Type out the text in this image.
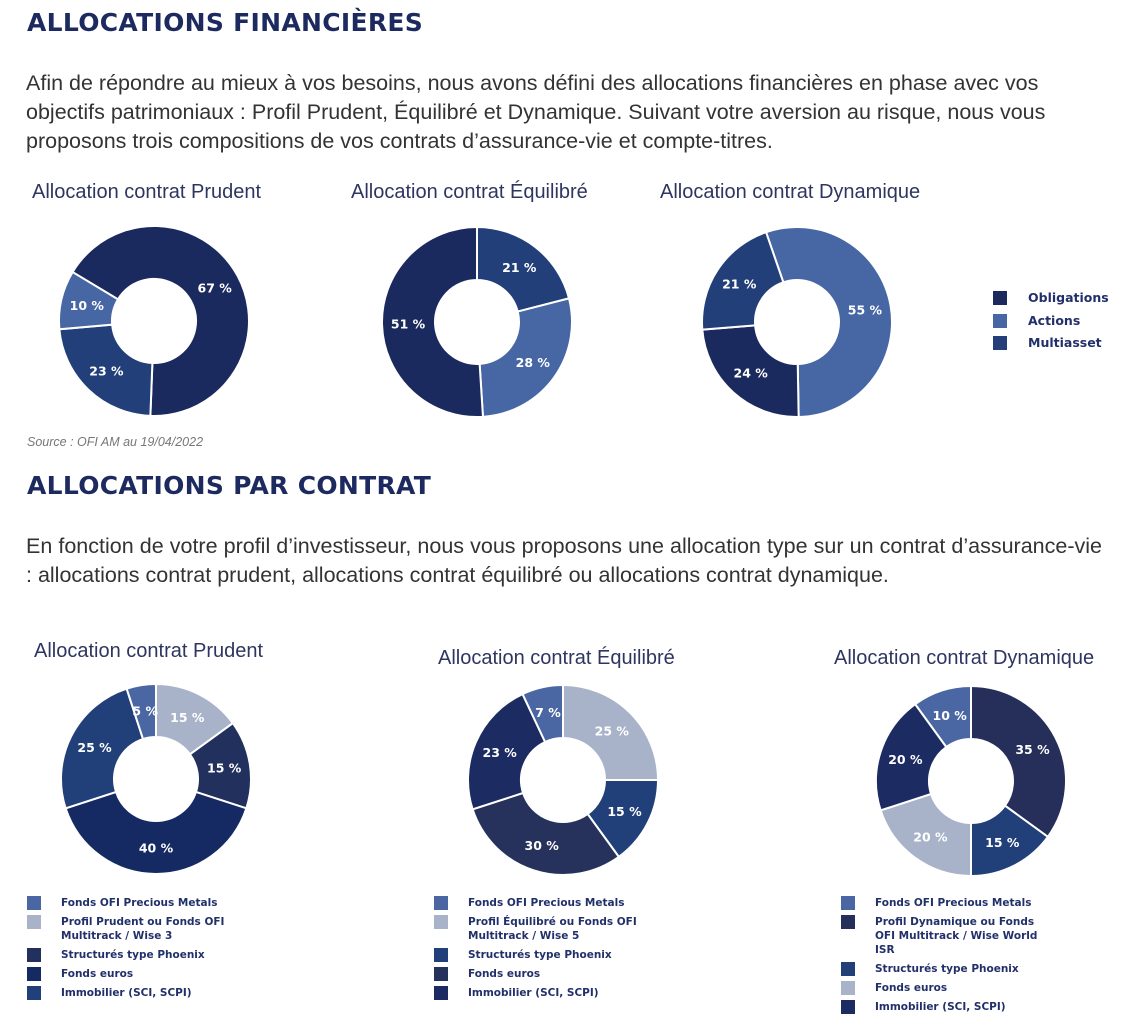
ALLOCATIONS FINANCIÈRES

Afin de répondre au mieux à vos besoins, nous avons défini des allocations financières en phase avec vos objectifs patrimoniaux : Profil Prudent, Équilibré et Dynamique. Suivant votre aversion au risque, nous vous proposons trois compositions de vos contrats d’assurance-vie et compte-titres.

Allocation contrat Prudent	Allocation contrat Équilibré	Allocation contrat Dynamique
67 %
23 %
10 %
21 %
28 %
51 %
55 %
24 %
21 %
Obligations
Actions
Multiasset

Source : OFI AM au 19/04/2022

ALLOCATIONS PAR CONTRAT

En fonction de votre profil d’investisseur, nous vous proposons une allocation type sur un contrat d’assurance-vie : allocations contrat prudent, allocations contrat équilibré ou allocations contrat dynamique.

Allocation contrat Prudent	Allocation contrat Équilibré	Allocation contrat Dynamique
15 %
15 %
40 %
25 %
5 %
25 %
15 %
30 %
23 %
7 %
35 %
15 %
20 %
20 %
10 %
Fonds OFI Precious Metals
Profil Prudent ou Fonds OFI Multitrack / Wise 3
Structurés type Phoenix
Fonds euros
Immobilier (SCI, SCPI)
Fonds OFI Precious Metals
Profil Équilibré ou Fonds OFI Multitrack / Wise 5
Structurés type Phoenix
Fonds euros
Immobilier (SCI, SCPI)
Fonds OFI Precious Metals
Profil Dynamique ou Fonds OFI Multitrack / Wise World ISR
Structurés type Phoenix
Fonds euros
Immobilier (SCI, SCPI)
